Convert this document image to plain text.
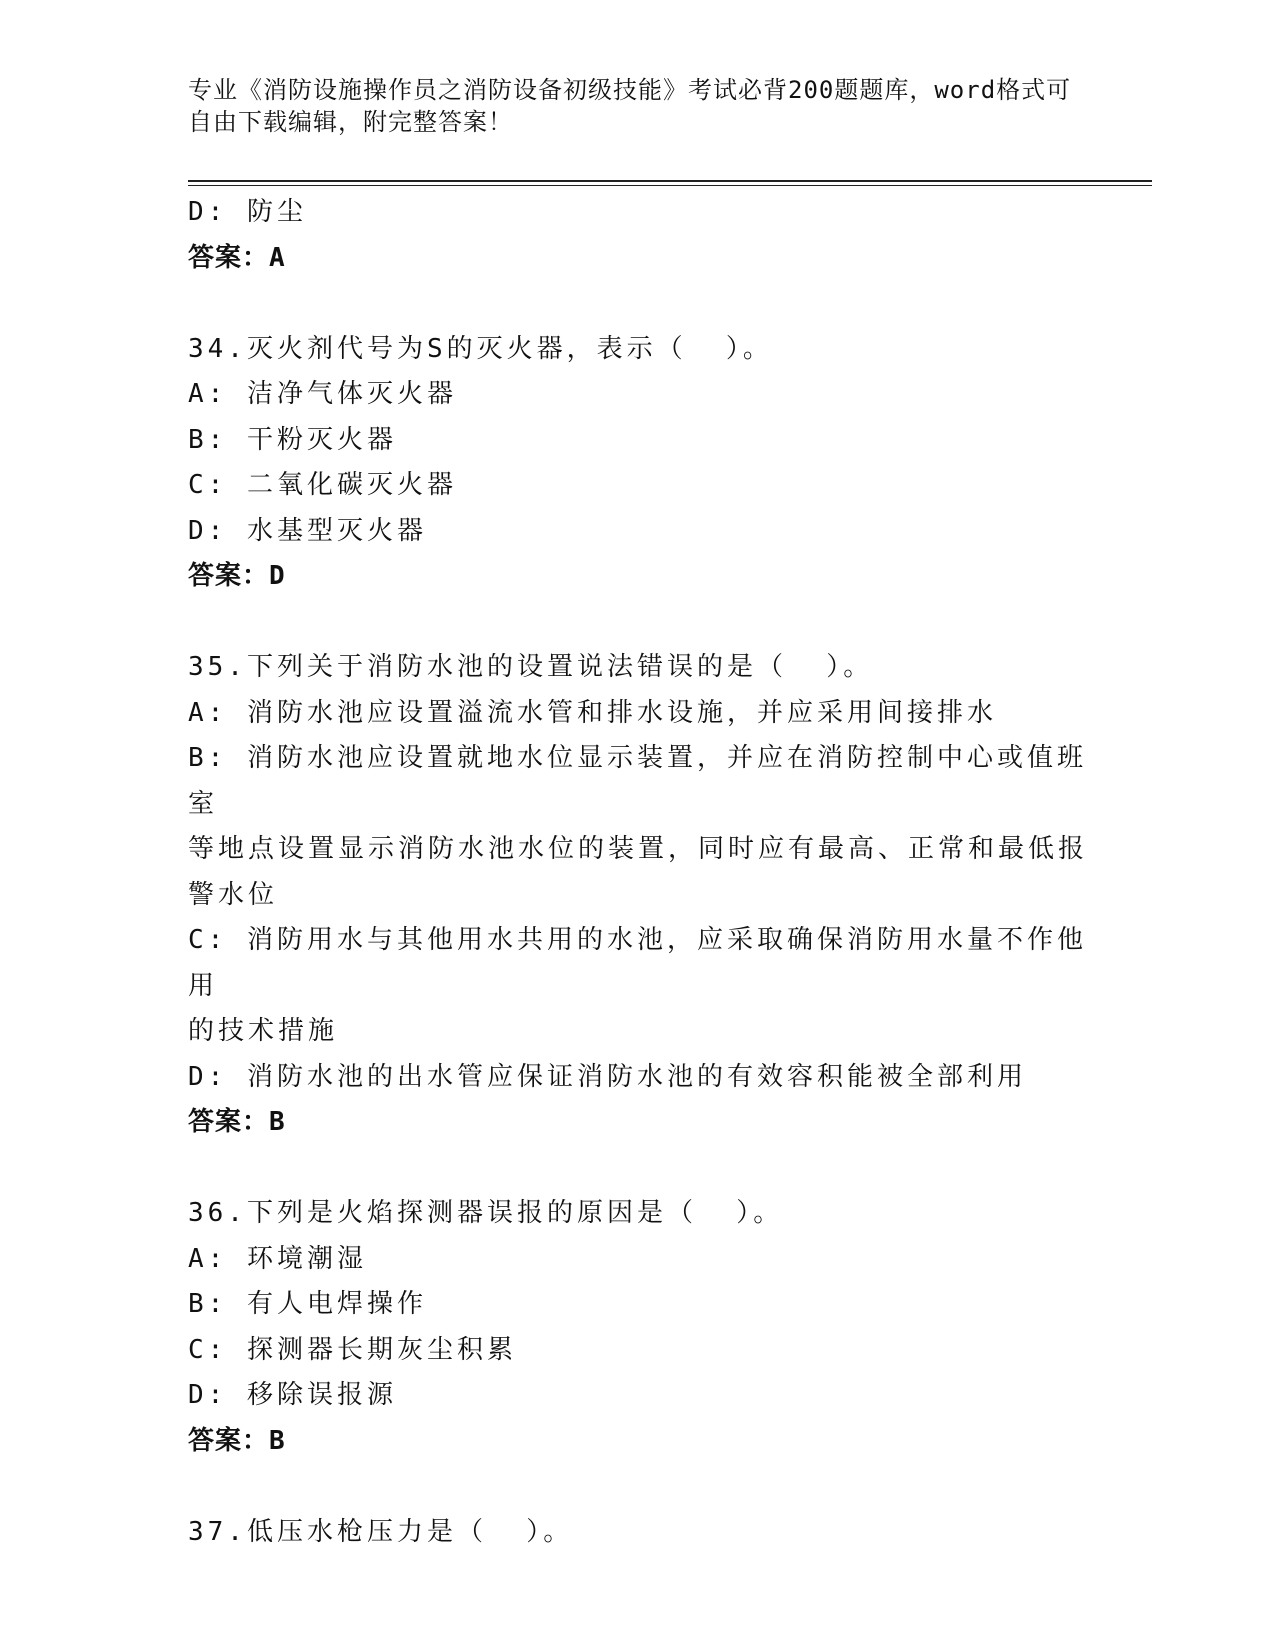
专业《消防设施操作员之消防设备初级技能》考试必背200题题库，word格式可
自由下载编辑，附完整答案！
D: 防尘
答案：A
34.灭火剂代号为S的灭火器，表示（  ）。
A: 洁净气体灭火器
B: 干粉灭火器
C: 二氧化碳灭火器
D: 水基型灭火器
答案：D
35.下列关于消防水池的设置说法错误的是（  ）。
A: 消防水池应设置溢流水管和排水设施，并应采用间接排水
B: 消防水池应设置就地水位显示装置，并应在消防控制中心或值班室
等地点设置显示消防水池水位的装置，同时应有最高、正常和最低报
警水位
C: 消防用水与其他用水共用的水池，应采取确保消防用水量不作他用
的技术措施
D: 消防水池的出水管应保证消防水池的有效容积能被全部利用
答案：B
36.下列是火焰探测器误报的原因是（  ）。
A: 环境潮湿
B: 有人电焊操作
C: 探测器长期灰尘积累
D: 移除误报源
答案：B
37.低压水枪压力是（  ）。
